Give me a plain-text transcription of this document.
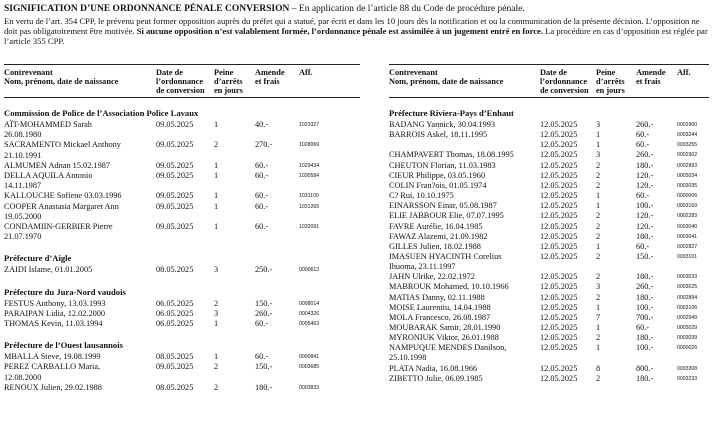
SIGNIFICATION D’UNE ORDONNANCE PÉNALE CONVERSION – En application de l’article 88 du Code de procédure pénale.
En vertu de l’art. 354 CPP, le prévenu peut former opposition auprès du préfet qui a statué, par écrit et dans les 10 jours dès la notification et ou la communication de la présente décision. L’opposition ne doit pas obligatoirement être motivée. Si aucune opposition n’est valablement formée, l’ordonnance pénale est assimilée à un jugement entré en force. La procédure en cas d’opposition est réglée par l’article 355 CPP.
Contrevenant
Nom, prénom, date de naissance
Date de
l’ordonnance
de conversion
Peine
d’arrêts
en jours
Amende
et frais
Aff.
Commission de Police de l’Association Police Lavaux
AÏT-MOHAMMED Sarah
26.08.1980
09.05.2025 1	40.-	1023327
SACRAMENTO Mickael Anthony
21.10.1991
09.05.2025 2	270.-	1028069
ALMUMEN Adnan 15.02.1987	09.05.2025 1	60.-	1029434
DELLA AQUILA Antonio
14.11.1987
09.05.2025 1	60.-	1030584
KALLOUCHE Sofiene 03.03.1996	09.05.2025 1	60.-	1031100
COOPER Anastasia Margaret Ann
19.05.2000
09.05.2025 1	60.-	1031265
CONDAMIIN-GERBIER Pierre
21.07.1970
09.05.2025 1	60.-	1032091
Préfecture d’Aigle
ZAIDI Islame, 01.01.2005	08.05.2025 3	250.-	0000612
Préfecture du Jura-Nord vaudois
FESTUS Anthony, 13.03.1993	06.05.2025 2	150.-	0008014
PARAIPAN Lidia, 12.02.2000	06.05.2025 3	260.-	0004326
THOMAS Kevin, 11.03.1994	06.05.2025 1	60.-	0005463
Préfecture de l’Ouest lausannois
MBALLA Steve, 19.08.1999	08.05.2025 1	60.-	0000841
PEREZ CARBALLO Maria,
12.08.2000
09.05.2025 2	150.-	0003685
RENOUX Julien, 29.02.1988	08.05.2025 2	180.-	0003833
Contrevenant
Nom, prénom, date de naissance
Date de
l’ordonnance
de conversion
Peine
d’arrêts
en jours
Amende
et frais
Aff.
Préfecture Riviera-Pays d’Enhaut
BADANG Yannick, 30.04.1993	12.05.2025 3	260.-	0002900
BARROIS Askel, 18.11.1995	12.05.2025 1	60.-	0003244
12.05.2025 1	60.-	0003255
CHAMPAVERT Thomas, 18.08.1995	12.05.2025 3	260.-	0002902
CHEUTON Florian, 11.03.1983	12.05.2025 2	180.-	0002893
CIEUR Philippe, 03.05.1960	12.05.2025 2	120.-	0003034
COLIN Fran?ois, 01.05.1974	12.05.2025 2	120.-	0003035
C? Rui, 10.10.1975	12.05.2025 1	60.-	0000006
EINARSSON Einar, 05.08.1987	12.05.2025 1	100.-	0003169
ELIE JABBOUR Elie, 07.07.1995	12.05.2025 2	120.-	0002283
FAVRE Aurélie, 16.04.1985	12.05.2025 2	120.-	0003040
FAWAZ Alazemi, 21.09.1982	12.05.2025 2	180.-	0003041
GILLES Julien, 18.02.1988	12.05.2025 1	60.-	0002827
IMASUEN HYACINTH Corelius
Ihuoma, 23.11.1997
12.05.2025 2	150.-	0003101
JAHN Ulrike, 22.02.1972	12.05.2025 2	180.-	0003033
MABROUK Mohamed, 10.10.1966	12.05.2025 3	260.-	0003025
MATIAS Danny, 02.11.1988	12.05.2025 2	180.-	0002894
MOISE Laurentiu, 14.04.1988	12.05.2025 1	100.-	0003106
MOLA Francesco, 26.08.1987	12.05.2025 7	700.-	0002949
MOUBARAK Samir, 28.01.1990	12.05.2025 1	60.-	0003029
MYRONIUK Viktor, 26.01.1988	12.05.2025 2	180.-	0003039
NAMPUQUE MENDES Danilson,
25.10.1998
12.05.2025 1	100.-	0000026
PLATA Nadia, 16.08.1966	12.05.2025 8	800.-	0003308
ZIBETTO Julie, 06.09.1985	12.05.2025 2	180.-	0003233
